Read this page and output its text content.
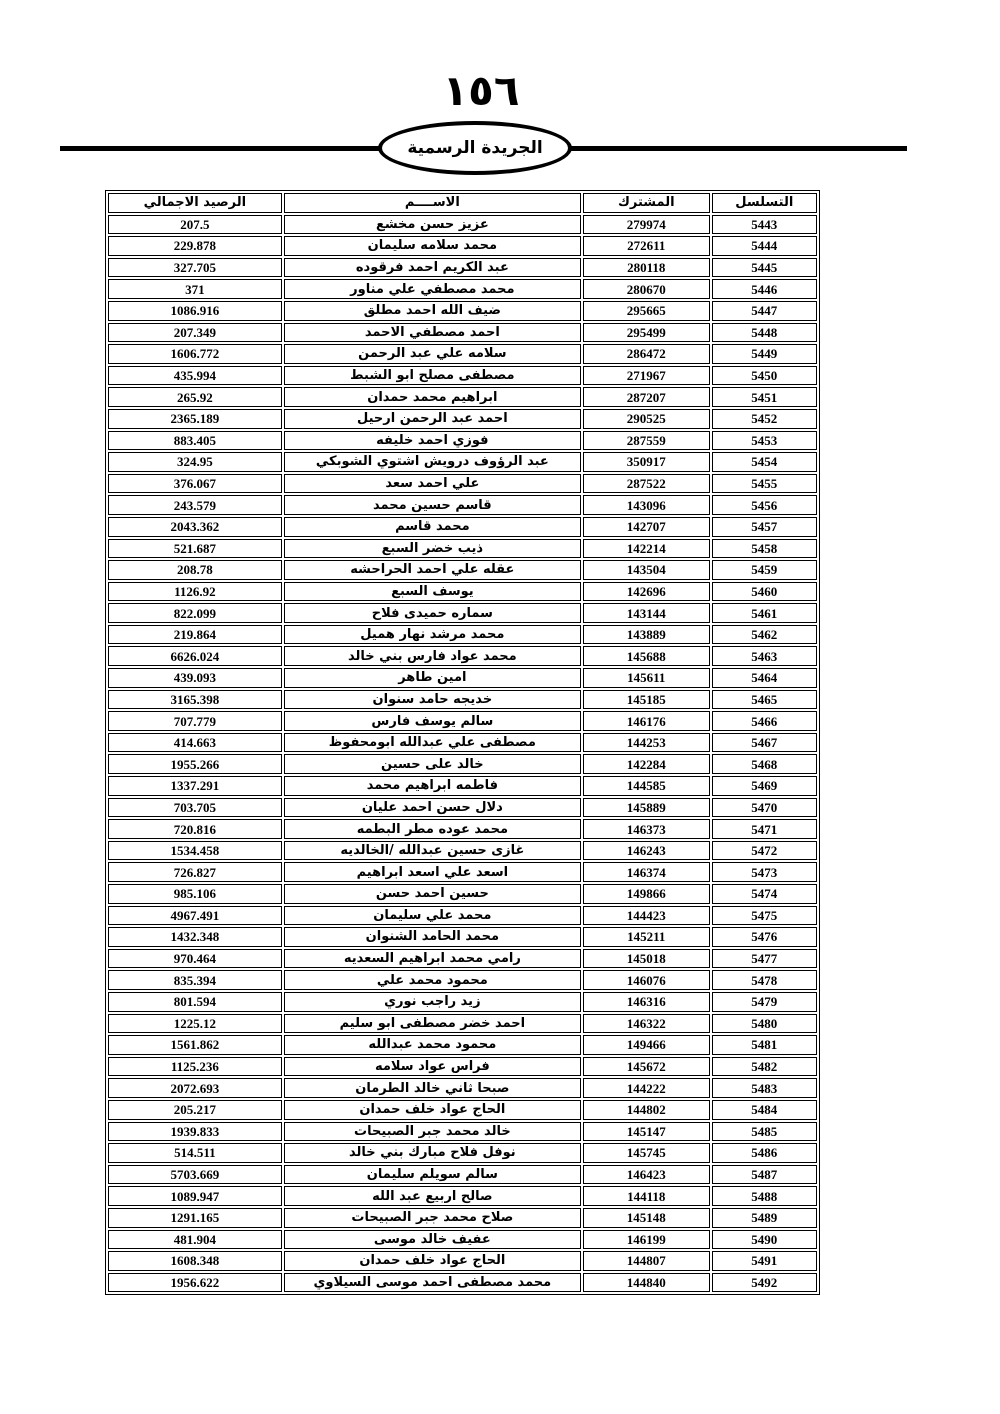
١٥٦
الجريدة الرسمية
التسلسل	المشترك	الاســــم	الرصيد الاجمالي
5443	279974	عزيز حسن مخشع	207.5
5444	272611	محمد سلامه سليمان	229.878
5445	280118	عبد الكريم احمد فرقوده	327.705
5446	280670	محمد مصطفي علي مناور	371
5447	295665	ضيف الله احمد مطلق	1086.916
5448	295499	احمد مصطفي الاحمد	207.349
5449	286472	سلامه علي عبد الرحمن	1606.772
5450	271967	مصطفى مصلح ابو الشبط	435.994
5451	287207	ابراهيم محمد حمدان	265.92
5452	290525	احمد عبد الرحمن ارحيل	2365.189
5453	287559	فوزي احمد خليفه	883.405
5454	350917	عبد الرؤوف درويش اشتوي الشوبكي	324.95
5455	287522	علي احمد سعد	376.067
5456	143096	قاسم حسين محمد	243.579
5457	142707	محمد قاسم	2043.362
5458	142214	ذيب خضر السبع	521.687
5459	143504	عقله علي احمد الحراحشه	208.78
5460	142696	يوسف السبع	1126.92
5461	143144	سماره حميدى فلاح	822.099
5462	143889	محمد مرشد نهار هميل	219.864
5463	145688	محمد عواد فارس بني خالد	6626.024
5464	145611	امين طاهر	439.093
5465	145185	خديجه حامد سنوان	3165.398
5466	146176	سالم يوسف فارس	707.779
5467	144253	مصطفى علي عبدالله ابومحفوظ	414.663
5468	142284	خالد على حسين	1955.266
5469	144585	فاطمه ابراهيم محمد	1337.291
5470	145889	دلال حسن احمد عليان	703.705
5471	146373	محمد عوده مطر البطمه	720.816
5472	146243	غازى حسين عبدالله /الخالديه	1534.458
5473	146374	اسعد علي اسعد ابراهيم	726.827
5474	149866	حسين احمد حسن	985.106
5475	144423	محمد علي سليمان	4967.491
5476	145211	محمد الحامد الشنوان	1432.348
5477	145018	رامي محمد ابراهيم السعديه	970.464
5478	146076	محمود محمد علي	835.394
5479	146316	زيد راجب نوري	801.594
5480	146322	احمد خضر مصطفى ابو سليم	1225.12
5481	149466	محمود محمد عبدالله	1561.862
5482	145672	فراس عواد سلامه	1125.236
5483	144222	صبحا ثاني خالد الطرمان	2072.693
5484	144802	الحاج عواد خلف حمدان	205.217
5485	145147	خالد محمد جبر الصبيحات	1939.833
5486	145745	نوفل فلاح مبارك بني خالد	514.511
5487	146423	سالم سويلم سليمان	5703.669
5488	144118	صالح اربيع عبد الله	1089.947
5489	145148	صلاح محمد جبر الصبيحات	1291.165
5490	146199	عفيف خالد موسى	481.904
5491	144807	الحاج عواد خلف حمدان	1608.348
5492	144840	محمد مصطفى احمد موسى السيلاوي	1956.622
